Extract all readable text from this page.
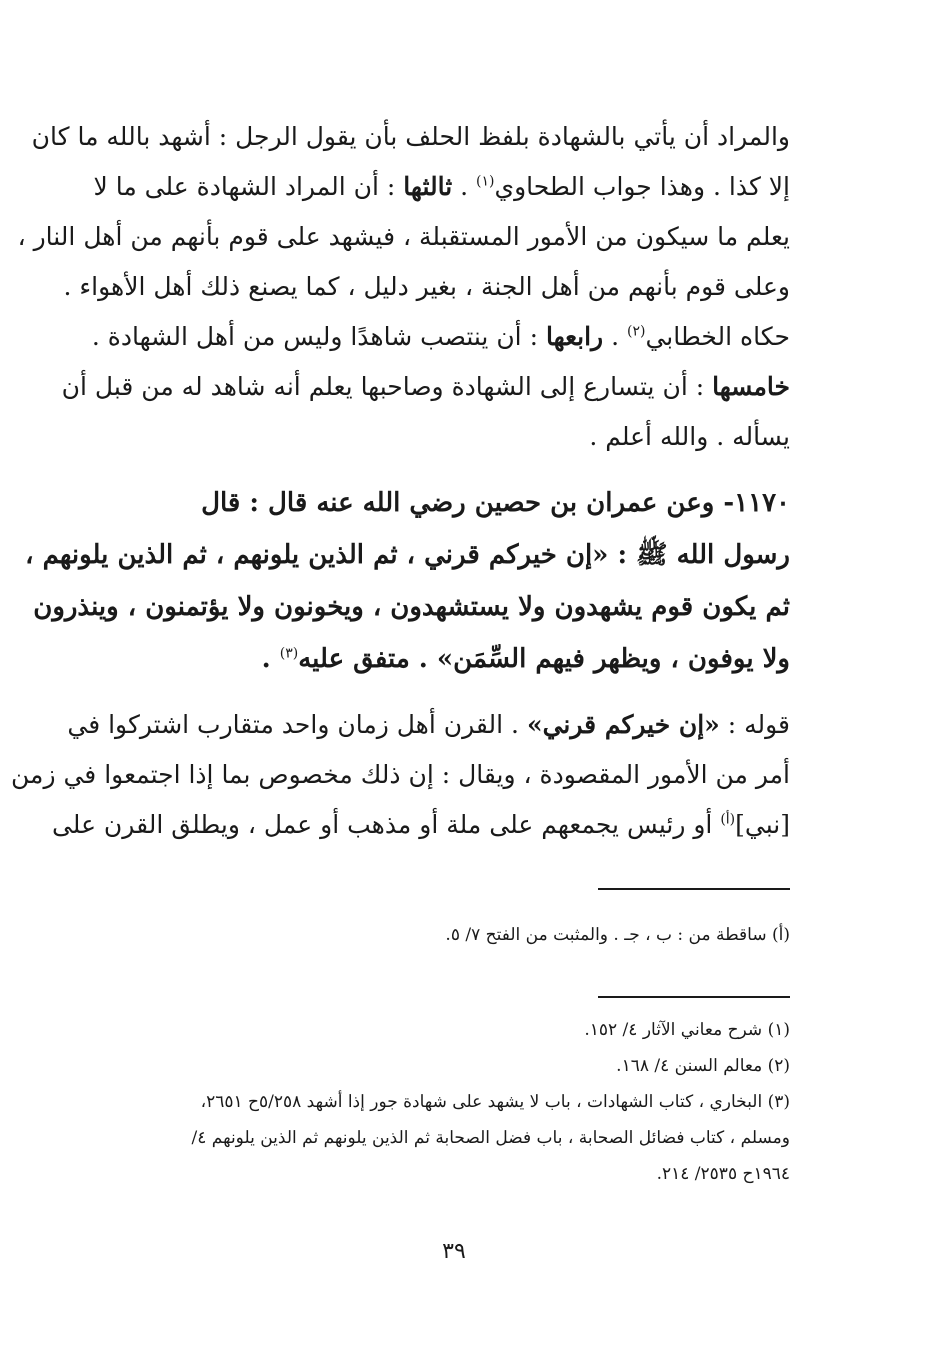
والمراد أن يأتي بالشهادة بلفظ الحلف بأن يقول الرجل : أشهد بالله ما كان
إلا كذا . وهذا جواب الطحاوي$^{(١)}$ . ثالثها : أن المراد الشهادة على ما لا
يعلم ما سيكون من الأمور المستقبلة ، فيشهد على قوم بأنهم من أهل النار ،
وعلى قوم بأنهم من أهل الجنة ، بغير دليل ، كما يصنع ذلك أهل الأهواء .
حكاه الخطابي$^{(٢)}$ . رابعها : أن ينتصب شاهدًا وليس من أهل الشهادة .
خامسها : أن يتسارع إلى الشهادة وصاحبها يعلم أنه شاهد له من قبل أن
يسأله . والله أعلم .

١١٧٠- وعن عمران بن حصين رضي الله عنه قال : قال
رسول الله ﷺ : «إن خيركم قرني ، ثم الذين يلونهم ، ثم الذين يلونهم ،
ثم يكون قوم يشهدون ولا يستشهدون ، ويخونون ولا يؤتمنون ، وينذرون
ولا يوفون ، ويظهر فيهم السِّمَن» . متفق عليه$^{(٣)}$ .

قوله : «إن خيركم قرني» . القرن أهل زمان واحد متقارب اشتركوا في
أمر من الأمور المقصودة ، ويقال : إن ذلك مخصوص بما إذا اجتمعوا في زمن
[نبي]$^{(أ)}$ أو رئيس يجمعهم على ملة أو مذهب أو عمل ، ويطلق القرن على

(أ) ساقطة من : ب ، جـ . والمثبت من الفتح ٧/ ٥.

(١) شرح معاني الآثار ٤/ ١٥٢.

(٢) معالم السنن ٤/ ١٦٨.

(٣) البخاري ، كتاب الشهادات ، باب لا يشهد على شهادة جور إذا أشهد ٥/٢٥٨ح ٢٦٥١،

ومسلم ، كتاب فضائل الصحابة ، باب فضل الصحابة ثم الذين يلونهم ثم الذين يلونهم ٤/

١٩٦٤ح ٢٥٣٥/ ٢١٤.

٣٩
